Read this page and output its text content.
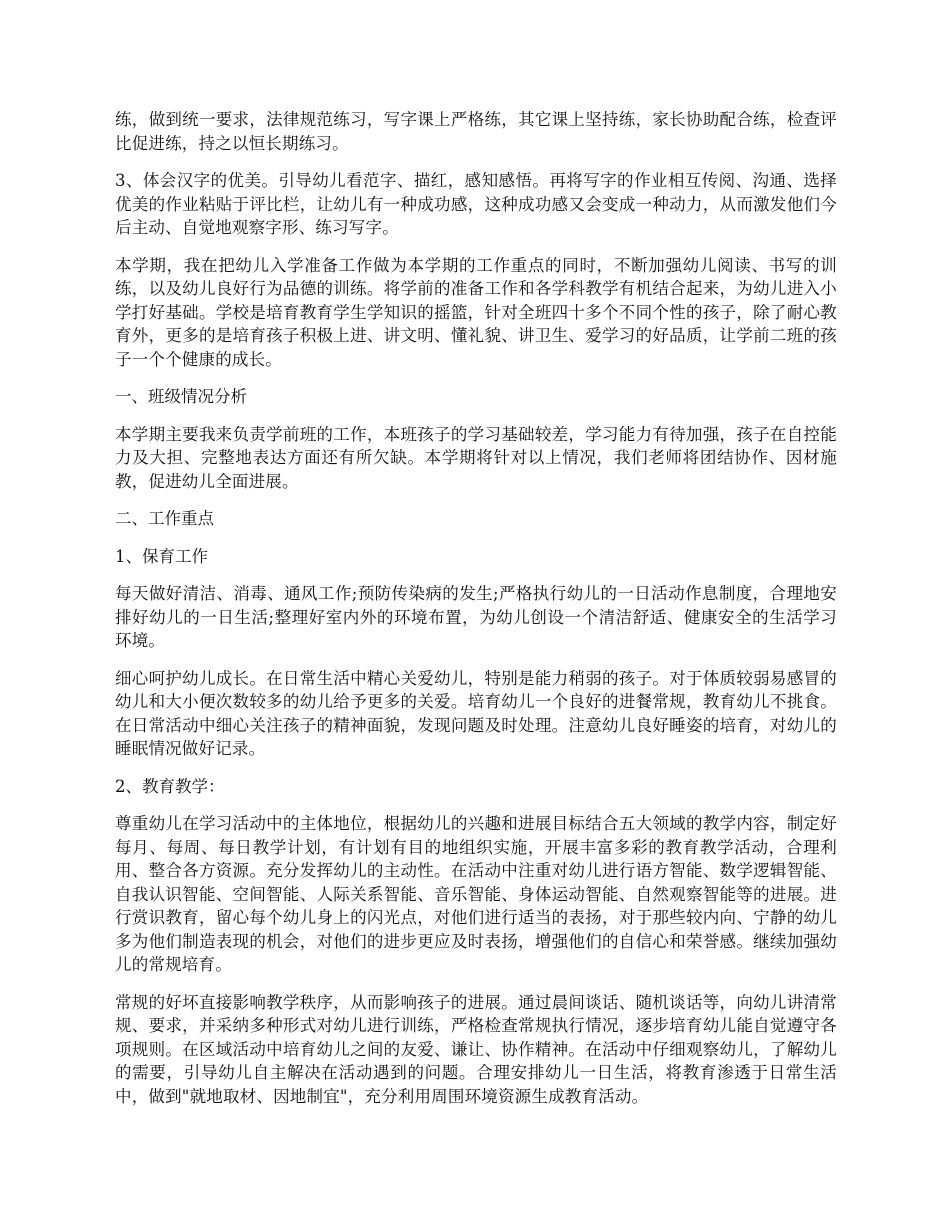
练，做到统一要求，法律规范练习，写字课上严格练，其它课上坚持练，家长协助配合练，检查评比促进练，持之以恒长期练习。

3、体会汉字的优美。引导幼儿看范字、描红，感知感悟。再将写字的作业相互传阅、沟通、选择优美的作业粘贴于评比栏，让幼儿有一种成功感，这种成功感又会变成一种动力，从而激发他们今后主动、自觉地观察字形、练习写字。

本学期，我在把幼儿入学准备工作做为本学期的工作重点的同时，不断加强幼儿阅读、书写的训练，以及幼儿良好行为品德的训练。将学前的准备工作和各学科教学有机结合起来，为幼儿进入小学打好基础。学校是培育教育学生学知识的摇篮，针对全班四十多个不同个性的孩子，除了耐心教育外，更多的是培育孩子积极上进、讲文明、懂礼貌、讲卫生、爱学习的好品质，让学前二班的孩子一个个健康的成长。

一、班级情况分析

本学期主要我来负责学前班的工作，本班孩子的学习基础较差，学习能力有待加强，孩子在自控能力及大担、完整地表达方面还有所欠缺。本学期将针对以上情况，我们老师将团结协作、因材施教，促进幼儿全面进展。

二、工作重点

1、保育工作

每天做好清洁、消毒、通风工作;预防传染病的发生;严格执行幼儿的一日活动作息制度，合理地安排好幼儿的一日生活;整理好室内外的环境布置，为幼儿创设一个清洁舒适、健康安全的生活学习环境。

细心呵护幼儿成长。在日常生活中精心关爱幼儿，特别是能力稍弱的孩子。对于体质较弱易感冒的幼儿和大小便次数较多的幼儿给予更多的关爱。培育幼儿一个良好的进餐常规，教育幼儿不挑食。在日常活动中细心关注孩子的精神面貌，发现问题及时处理。注意幼儿良好睡姿的培育，对幼儿的睡眠情况做好记录。

2、教育教学：

尊重幼儿在学习活动中的主体地位，根据幼儿的兴趣和进展目标结合五大领域的教学内容，制定好每月、每周、每日教学计划，有计划有目的地组织实施，开展丰富多彩的教育教学活动，合理利用、整合各方资源。充分发挥幼儿的主动性。在活动中注重对幼儿进行语方智能、数学逻辑智能、自我认识智能、空间智能、人际关系智能、音乐智能、身体运动智能、自然观察智能等的进展。进行赏识教育，留心每个幼儿身上的闪光点，对他们进行适当的表扬，对于那些较内向、宁静的幼儿多为他们制造表现的机会，对他们的进步更应及时表扬，增强他们的自信心和荣誉感。继续加强幼儿的常规培育。

常规的好坏直接影响教学秩序，从而影响孩子的进展。通过晨间谈话、随机谈话等，向幼儿讲清常规、要求，并采纳多种形式对幼儿进行训练，严格检查常规执行情况，逐步培育幼儿能自觉遵守各项规则。在区域活动中培育幼儿之间的友爱、谦让、协作精神。在活动中仔细观察幼儿，了解幼儿的需要，引导幼儿自主解决在活动遇到的问题。合理安排幼儿一日生活，将教育渗透于日常生活中，做到"就地取材、因地制宜"，充分利用周围环境资源生成教育活动。
